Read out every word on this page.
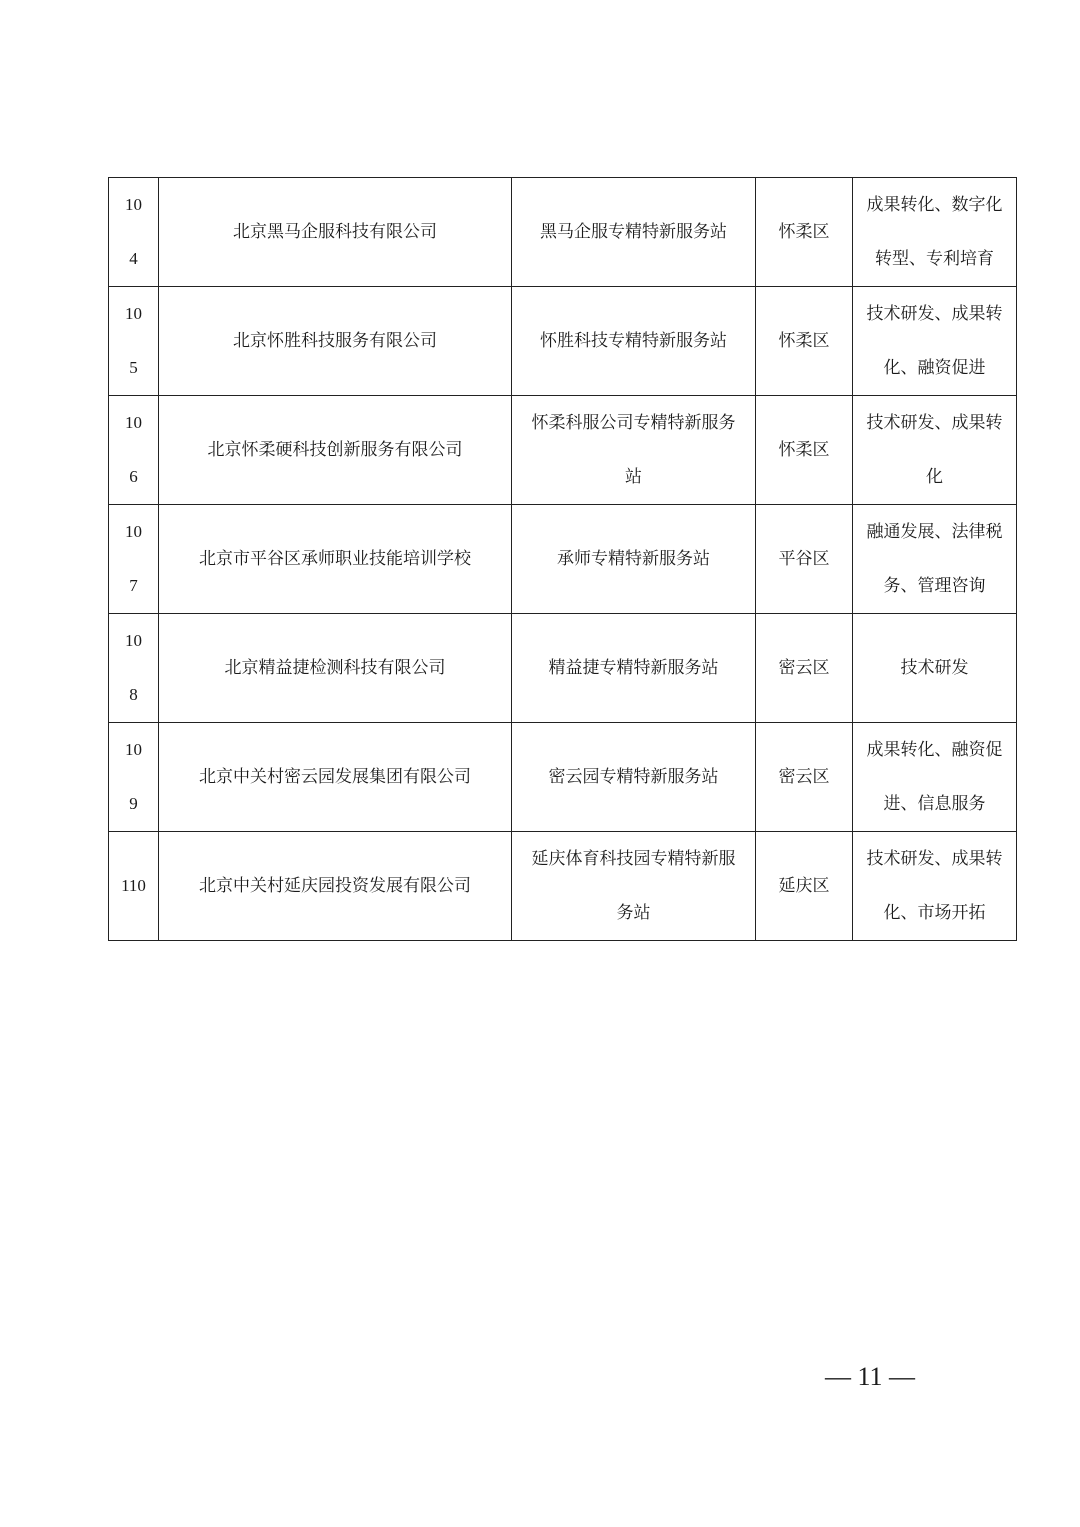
104	北京黑马企服科技有限公司	黑马企服专精特新服务站	怀柔区	成果转化、数字化转型、专利培育
105	北京怀胜科技服务有限公司	怀胜科技专精特新服务站	怀柔区	技术研发、成果转化、融资促进
106	北京怀柔硬科技创新服务有限公司	怀柔科服公司专精特新服务站	怀柔区	技术研发、成果转化
107	北京市平谷区承师职业技能培训学校	承师专精特新服务站	平谷区	融通发展、法律税务、管理咨询
108	北京精益捷检测科技有限公司	精益捷专精特新服务站	密云区	技术研发
109	北京中关村密云园发展集团有限公司	密云园专精特新服务站	密云区	成果转化、融资促进、信息服务
110	北京中关村延庆园投资发展有限公司	延庆体育科技园专精特新服务站	延庆区	技术研发、成果转化、市场开拓
— 11 —
